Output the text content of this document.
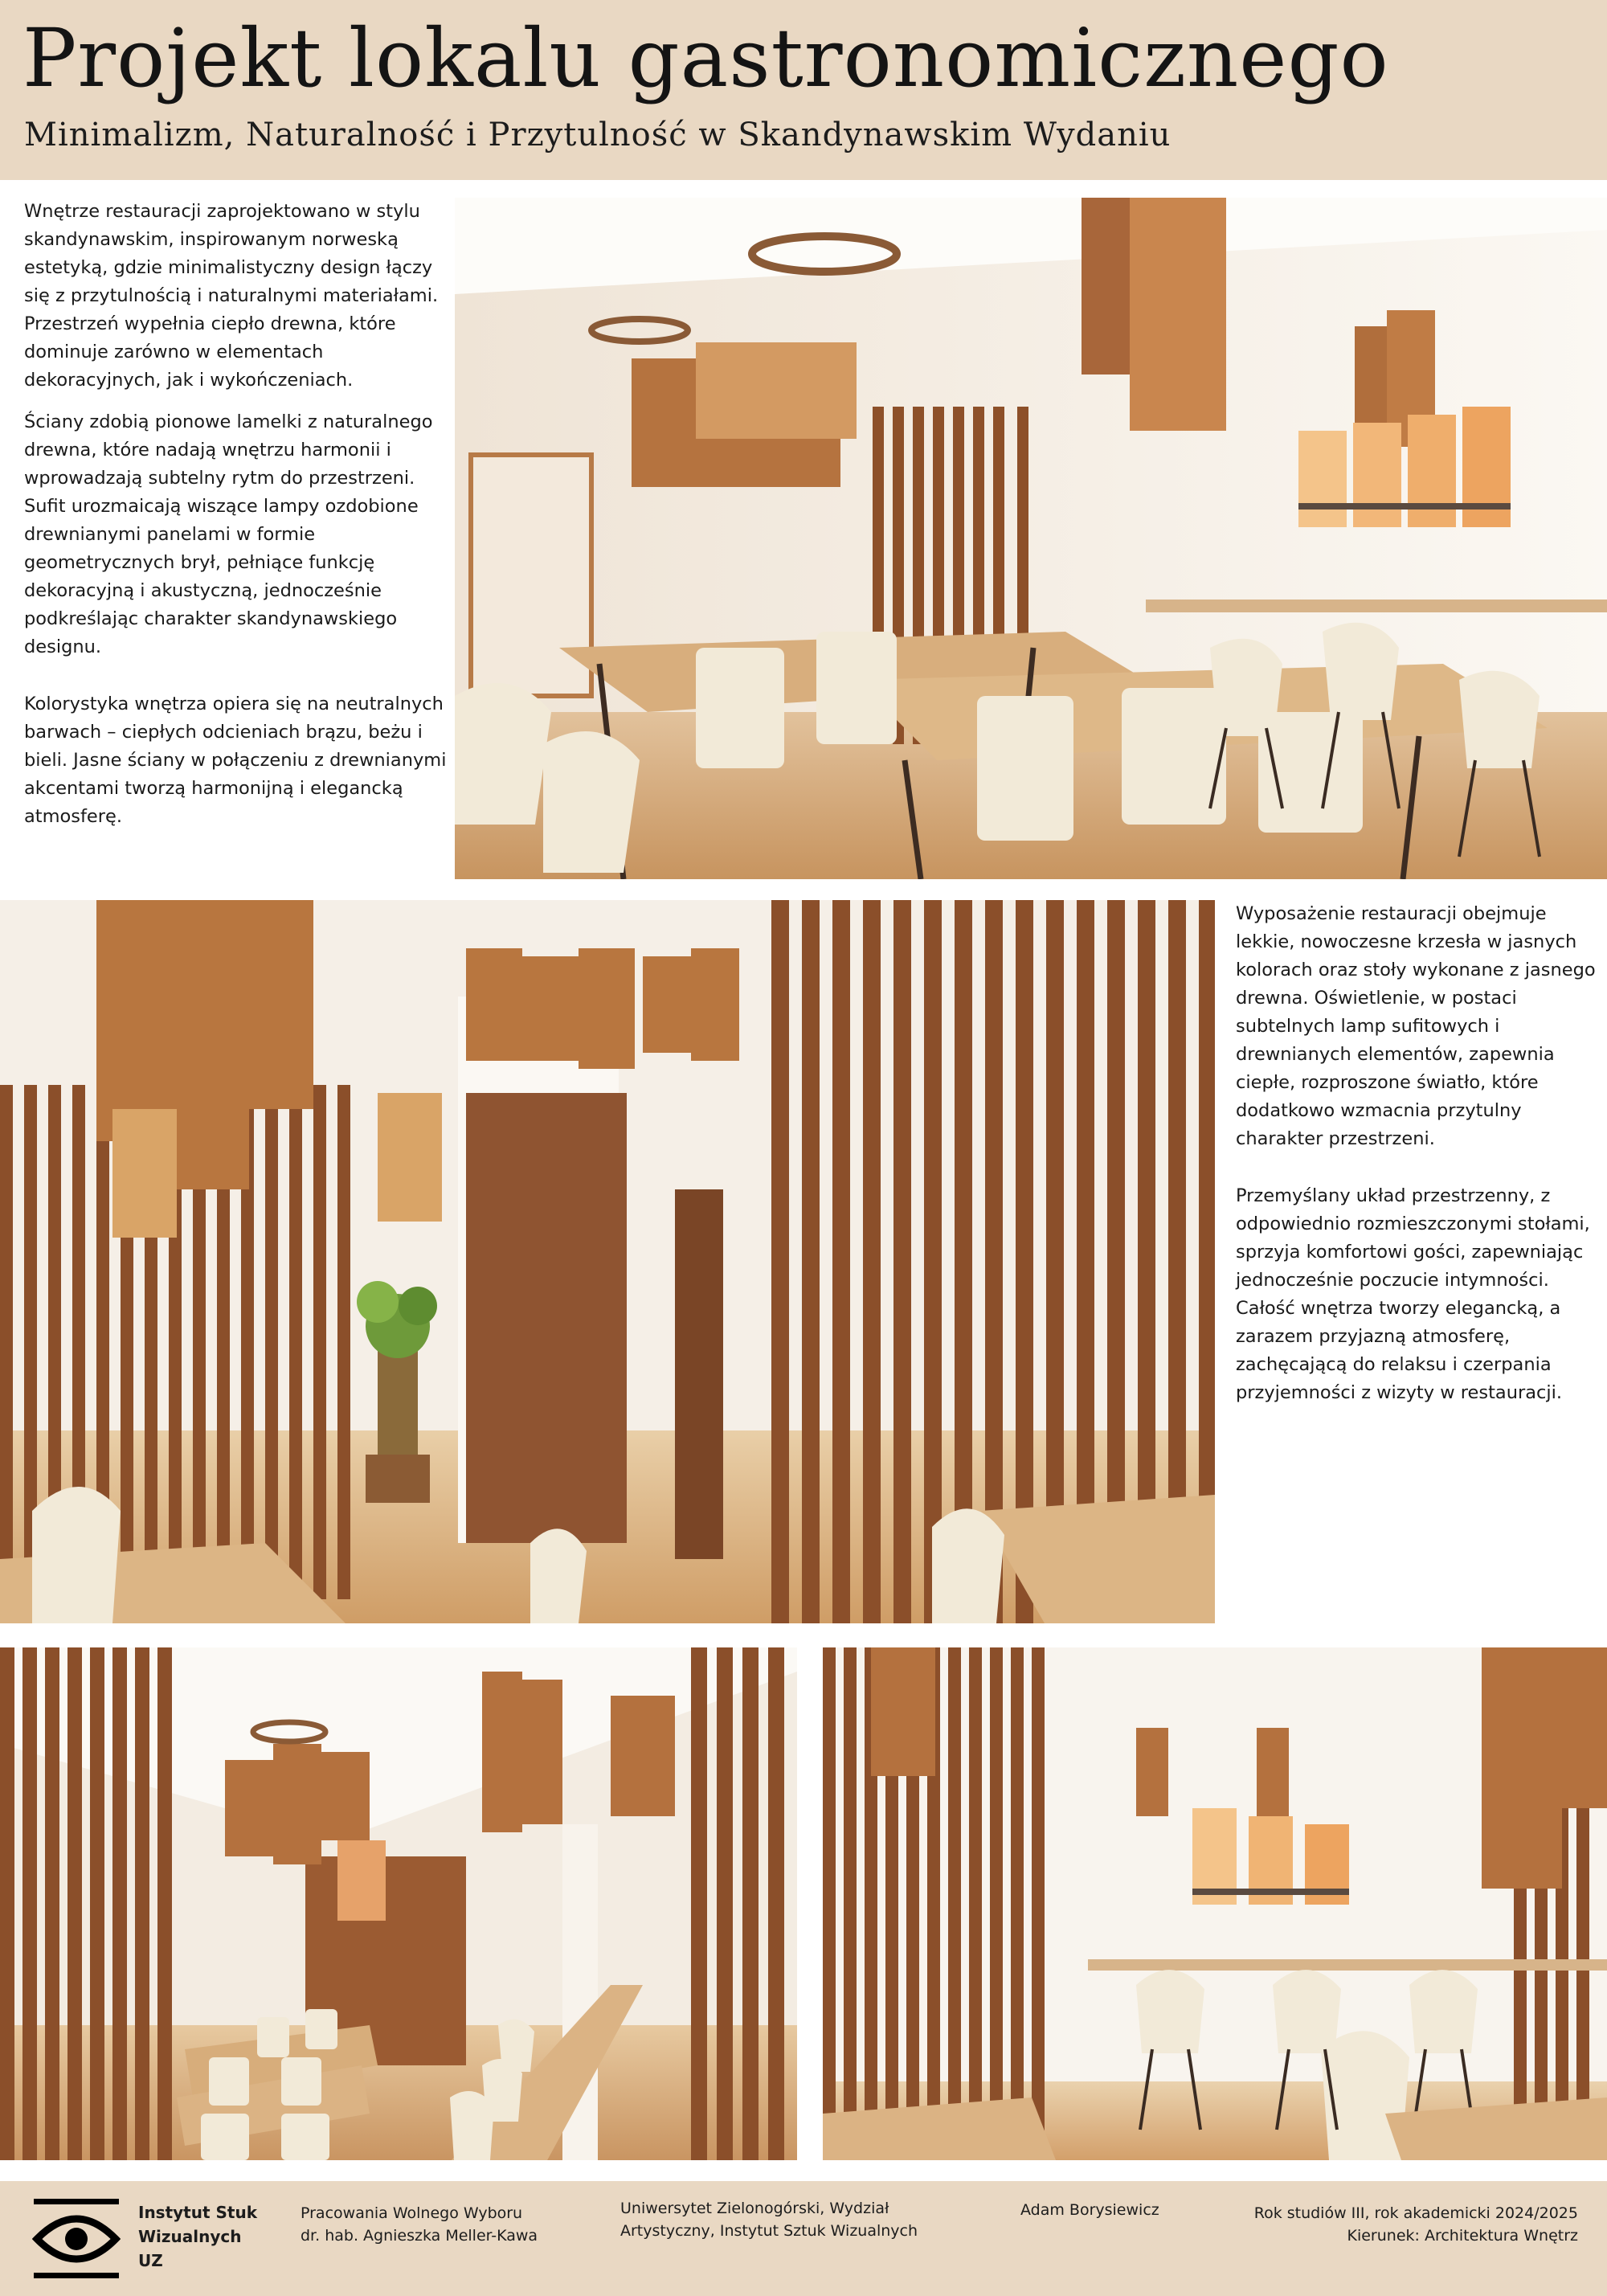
Projekt lokalu gastronomicznego
Minimalizm, Naturalność i Przytulność w Skandynawskim Wydaniu

Wnętrze restauracji zaprojektowano w stylu skandynawskim, inspirowanym norweską estetyką, gdzie minimalistyczny design łączy się z przytulnością i naturalnymi materiałami. Przestrzeń wypełnia ciepło drewna, które dominuje zarówno w elementach dekoracyjnych, jak i wykończeniach.

Ściany zdobią pionowe lamelki z naturalnego drewna, które nadają wnętrzu harmonii i wprowadzają subtelny rytm do przestrzeni. Sufit urozmaicają wiszące lampy ozdobione drewnianymi panelami w formie geometrycznych brył, pełniące funkcję dekoracyjną i akustyczną, jednocześnie podkreślając charakter skandynawskiego designu.

Kolorystyka wnętrza opiera się na neutralnych barwach – ciepłych odcieniach brązu, beżu i bieli. Jasne ściany w połączeniu z drewnianymi akcentami tworzą harmonijną i elegancką atmosferę.

Wyposażenie restauracji obejmuje lekkie, nowoczesne krzesła w jasnych kolorach oraz stoły wykonane z jasnego drewna. Oświetlenie, w postaci subtelnych lamp sufitowych i drewnianych elementów, zapewnia ciepłe, rozproszone światło, które dodatkowo wzmacnia przytulny charakter przestrzeni.

Przemyślany układ przestrzenny, z odpowiednio rozmieszczonymi stołami, sprzyja komfortowi gości, zapewniając jednocześnie poczucie intymności. Całość wnętrza tworzy elegancką, a zarazem przyjazną atmosferę, zachęcającą do relaksu i czerpania przyjemności z wizyty w restauracji.

Instytut Stuk
Wizualnych
UZ
Pracowania Wolnego Wyboru
dr. hab. Agnieszka Meller-Kawa
Uniwersytet Zielonogórski, Wydział
Artystyczny, Instytut Sztuk Wizualnych
Adam Borysiewicz	Rok studiów III, rok akademicki 2024/2025
Kierunek: Architektura Wnętrz
